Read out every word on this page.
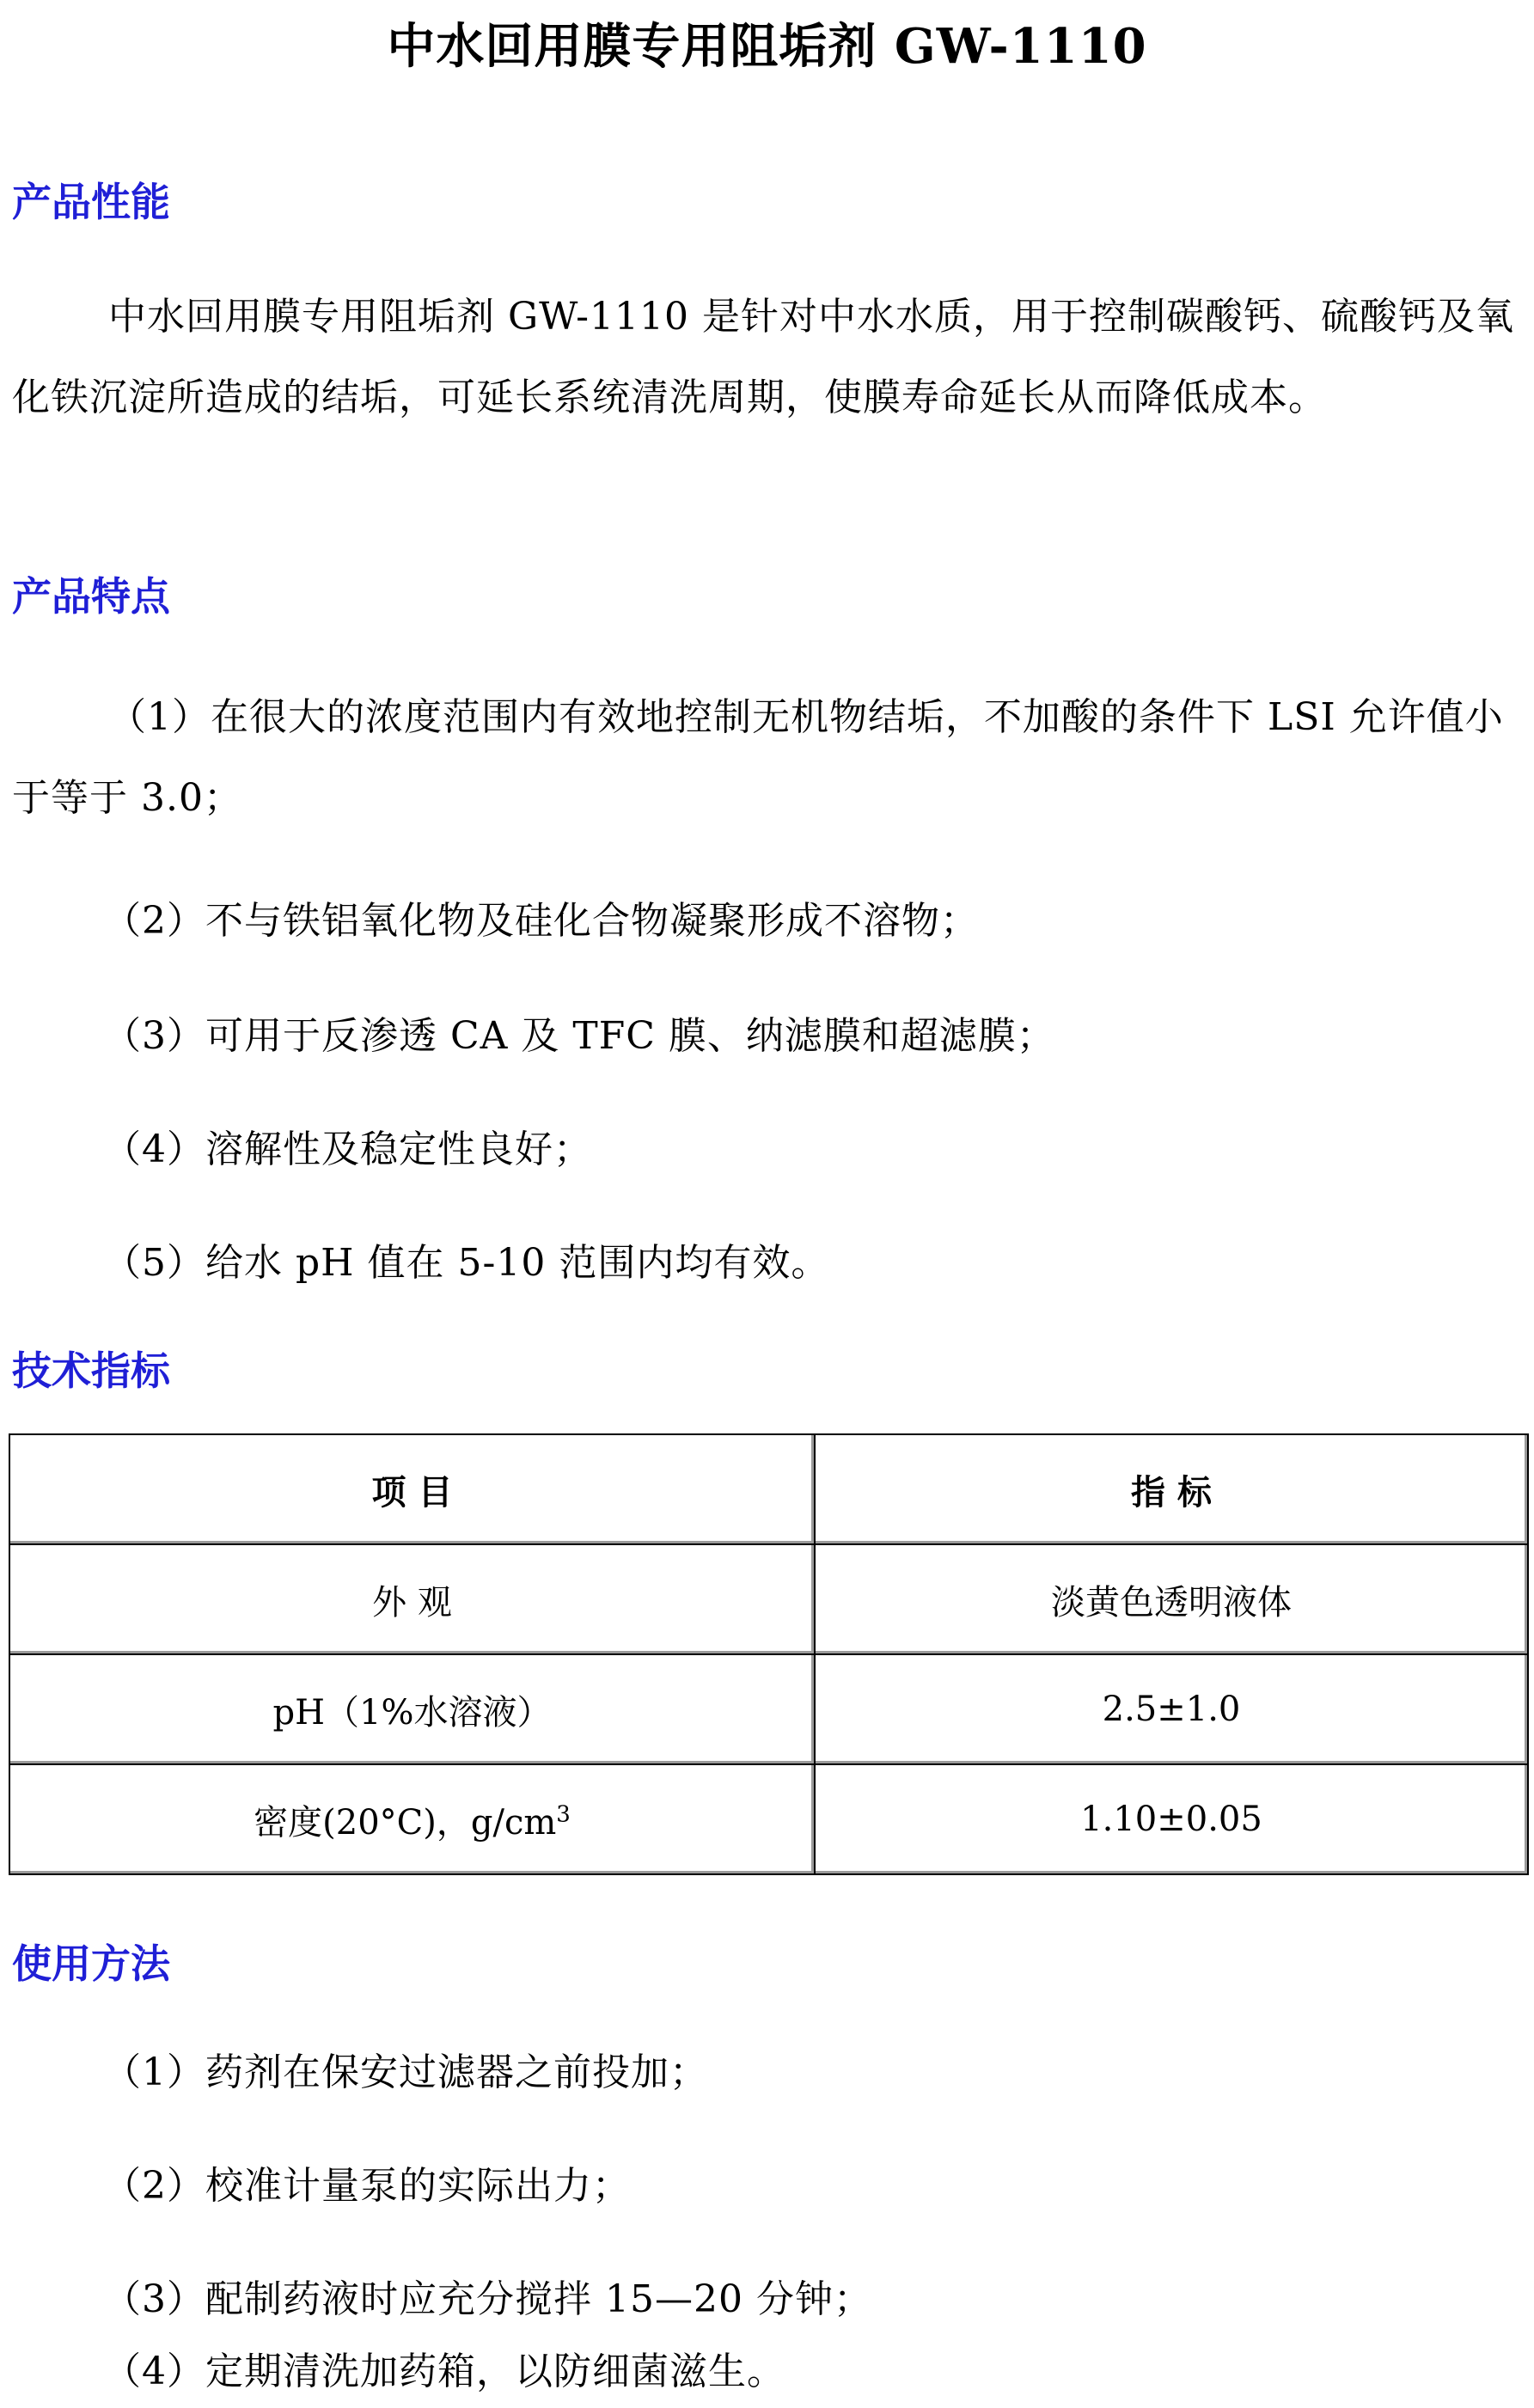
中水回用膜专用阻垢剂 GW-1110
产品性能
中水回用膜专用阻垢剂 GW-1110 是针对中水水质，用于控制碳酸钙、硫酸钙及氧化铁沉淀所造成的结垢，可延长系统清洗周期，使膜寿命延长从而降低成本。
产品特点
（1）在很大的浓度范围内有效地控制无机物结垢，不加酸的条件下 LSI 允许值小于等于 3.0；
（2）不与铁铝氧化物及硅化合物凝聚形成不溶物；
（3）可用于反渗透 CA 及 TFC 膜、纳滤膜和超滤膜；
（4）溶解性及稳定性良好；
（5）给水 pH 值在 5-10 范围内均有效。
技术指标
项 目	指 标
外 观	淡黄色透明液体
pH（1%水溶液）	2.5±1.0
密度(20°C)，$g/cm^3$	1.10±0.05
使用方法
（1）药剂在保安过滤器之前投加；
（2）校准计量泵的实际出力；
（3）配制药液时应充分搅拌 15—20 分钟；
（4）定期清洗加药箱，以防细菌滋生。
